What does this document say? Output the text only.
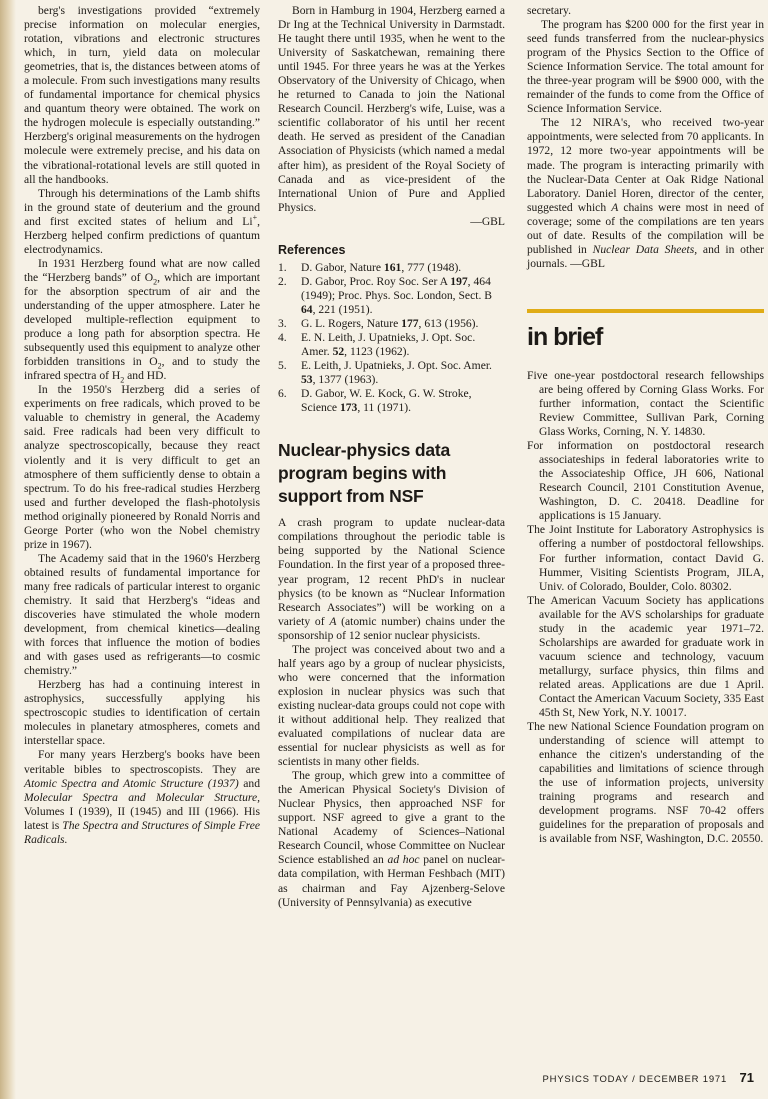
berg's investigations provided “extremely precise information on molecular energies, rotation, vibrations and electronic structures which, in turn, yield data on molecular geometries, that is, the distances between atoms of a molecule. From such investigations many results of fundamental importance for chemical physics and quantum theory were obtained. The work on the hydrogen molecule is especially outstanding.” Herzberg's original measurements on the hydrogen molecule were extremely precise, and his data on the vibrational-rotational levels are still quoted in all the handbooks.

Through his determinations of the Lamb shifts in the ground state of deuterium and the ground and first excited states of helium and Li+, Herzberg helped confirm predictions of quantum electrodynamics.

In 1931 Herzberg found what are now called the “Herzberg bands” of $O_2$, which are important for the absorption spectrum of air and the understanding of the upper atmosphere. Later he developed multiple-reflection equipment to produce a long path for absorption spectra. He subsequently used this equipment to analyze other forbidden transitions in $O_2$, and to study the infrared spectra of $H_2$ and HD.

In the 1950's Herzberg did a series of experiments on free radicals, which proved to be valuable to chemistry in general, the Academy said. Free radicals had been very difficult to analyze spectroscopically, because they react violently and it is very difficult to get an atmosphere of them sufficiently dense to obtain a spectrum. To do his free-radical studies Herzberg used and further developed the flash-photolysis method originally pioneered by Ronald Norris and George Porter (who won the Nobel chemistry prize in 1967).

The Academy said that in the 1960's Herzberg obtained results of fundamental importance for many free radicals of particular interest to organic chemistry. It said that Herzberg's “ideas and discoveries have stimulated the whole modern development, from chemical kinetics—dealing with forces that influence the motion of bodies and with gases used as refrigerants—to cosmic chemistry.”

Herzberg has had a continuing interest in astrophysics, successfully applying his spectroscopic studies to identification of certain molecules in planetary atmospheres, comets and interstellar space.

For many years Herzberg's books have been veritable bibles to spectroscopists. They are Atomic Spectra and Atomic Structure (1937) and Molecular Spectra and Molecular Structure, Volumes I (1939), II (1945) and III (1966). His latest is The Spectra and Structures of Simple Free Radicals.

Born in Hamburg in 1904, Herzberg earned a Dr Ing at the Technical University in Darmstadt. He taught there until 1935, when he went to the University of Saskatchewan, remaining there until 1945. For three years he was at the Yerkes Observatory of the University of Chicago, when he returned to Canada to join the National Research Council. Herzberg's wife, Luise, was a scientific collaborator of his until her recent death. He served as president of the Canadian Association of Physicists (which named a medal after him), as president of the Royal Society of Canada and as vice-president of the International Union of Pure and Applied Physics.

—GBL

References
1. D. Gabor, Nature 161, 777 (1948).
2. D. Gabor, Proc. Roy Soc. Ser A 197, 464 (1949); Proc. Phys. Soc. London, Sect. B 64, 221 (1951).
3. G. L. Rogers, Nature 177, 613 (1956).
4. E. N. Leith, J. Upatnieks, J. Opt. Soc. Amer. 52, 1123 (1962).
5. E. Leith, J. Upatnieks, J. Opt. Soc. Amer. 53, 1377 (1963).
6. D. Gabor, W. E. Kock, G. W. Stroke, Science 173, 11 (1971).
Nuclear-physics data program begins with support from NSF

A crash program to update nuclear-data compilations throughout the periodic table is being supported by the National Science Foundation. In the first year of a proposed three-year program, 12 recent PhD's in nuclear physics (to be known as “Nuclear Information Research Associates”) will be working on a variety of A (atomic number) chains under the sponsorship of 12 senior nuclear physicists.

The project was conceived about two and a half years ago by a group of nuclear physicists, who were concerned that the information explosion in nuclear physics was such that existing nuclear-data groups could not cope with it without additional help. They realized that evaluated compilations of nuclear data are essential for nuclear physicists as well as for scientists in many other fields.

The group, which grew into a committee of the American Physical Society's Division of Nuclear Physics, then approached NSF for support. NSF agreed to give a grant to the National Academy of Sciences–National Research Council, whose Committee on Nuclear Science established an ad hoc panel on nuclear-data compilation, with Herman Feshbach (MIT) as chairman and Fay Ajzenberg-Selove (University of Pennsylvania) as executive

secretary.

The program has $200 000 for the first year in seed funds transferred from the nuclear-physics program of the Physics Section to the Office of Science Information Service. The total amount for the three-year program will be $900 000, with the remainder of the funds to come from the Office of Science Information Service.

The 12 NIRA's, who received two-year appointments, were selected from 70 applicants. In 1972, 12 more two-year appointments will be made. The program is interacting primarily with the Nuclear-Data Center at Oak Ridge National Laboratory. Daniel Horen, director of the center, suggested which A chains were most in need of coverage; some of the compilations are ten years out of date. Results of the compilation will be published in Nuclear Data Sheets, and in other journals. —GBL

in brief

Five one-year postdoctoral research fellowships are being offered by Corning Glass Works. For further information, contact the Scientific Review Committee, Sullivan Park, Corning Glass Works, Corning, N. Y. 14830.

For information on postdoctoral research associateships in federal laboratories write to the Associateship Office, JH 606, National Research Council, 2101 Constitution Avenue, Washington, D. C. 20418. Deadline for applications is 15 January.

The Joint Institute for Laboratory Astrophysics is offering a number of postdoctoral fellowships. For further information, contact David G. Hummer, Visiting Scientists Program, JILA, Univ. of Colorado, Boulder, Colo. 80302.

The American Vacuum Society has applications available for the AVS scholarships for graduate study in the academic year 1971–72. Scholarships are awarded for graduate work in vacuum science and technology, vacuum metallurgy, surface physics, thin films and related areas. Applications are due 1 April. Contact the American Vacuum Society, 335 East 45th St, New York, N.Y. 10017.

The new National Science Foundation program on understanding of science will attempt to enhance the citizen's understanding of the capabilities and limitations of science through the use of information projects, university training programs and research and development programs. NSF 70-42 offers guidelines for the preparation of proposals and is available from NSF, Washington, D.C. 20550.

PHYSICS TODAY / DECEMBER 1971 71
